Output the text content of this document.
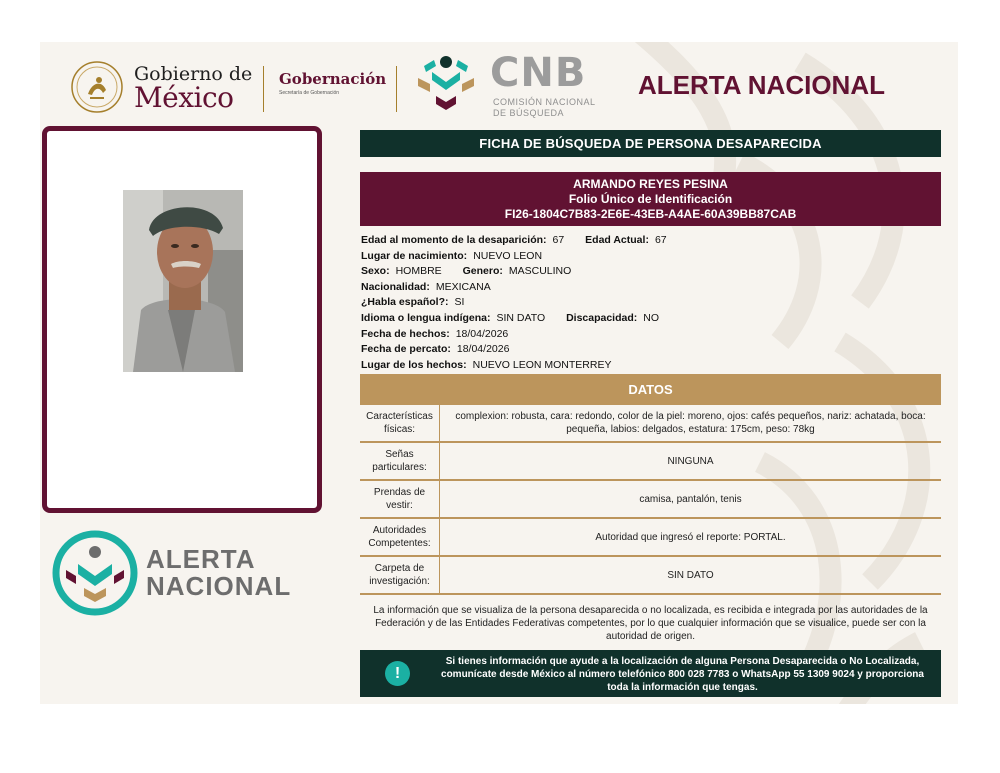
Gobierno de
México
Gobernación
Secretaría de Gobernación	CNB
COMISIÓN NACIONAL
DE BÚSQUEDA
ALERTA NACIONAL
ALERTA
NACIONAL
FICHA DE BÚSQUEDA DE PERSONA DESAPARECIDA
ARMANDO REYES PESINA
Folio Único de Identificación
FI26-1804C7B83-2E6E-43EB-A4AE-60A39BB87CAB
Edad al momento de la desaparición: 67 Edad Actual: 67
Lugar de nacimiento: NUEVO LEON
Sexo: HOMBRE Genero: MASCULINO
Nacionalidad: MEXICANA
¿Habla español?: SI
Idioma o lengua indígena: SIN DATO Discapacidad: NO
Fecha de hechos: 18/04/2026
Fecha de percato: 18/04/2026
Lugar de los hechos: NUEVO LEON MONTERREY
DATOS
Características físicas:
complexion: robusta, cara: redondo, color de la piel: moreno, ojos: cafés pequeños, nariz: achatada, boca: pequeña, labios: delgados, estatura: 175cm, peso: 78kg
Señas particulares:
NINGUNA
Prendas de vestir:
camisa, pantalón, tenis
Autoridades Competentes:
Autoridad que ingresó el reporte: PORTAL.
Carpeta de investigación:
SIN DATO
La información que se visualiza de la persona desaparecida o no localizada, es recibida e integrada por las autoridades de la Federación y de las Entidades Federativas competentes, por lo que cualquier información que se visualice, puede ser con la autoridad de origen.
!
Si tienes información que ayude a la localización de alguna Persona Desaparecida o No Localizada, comunícate desde México al número telefónico 800 028 7783 o WhatsApp 55 1309 9024 y proporciona toda la información que tengas.
